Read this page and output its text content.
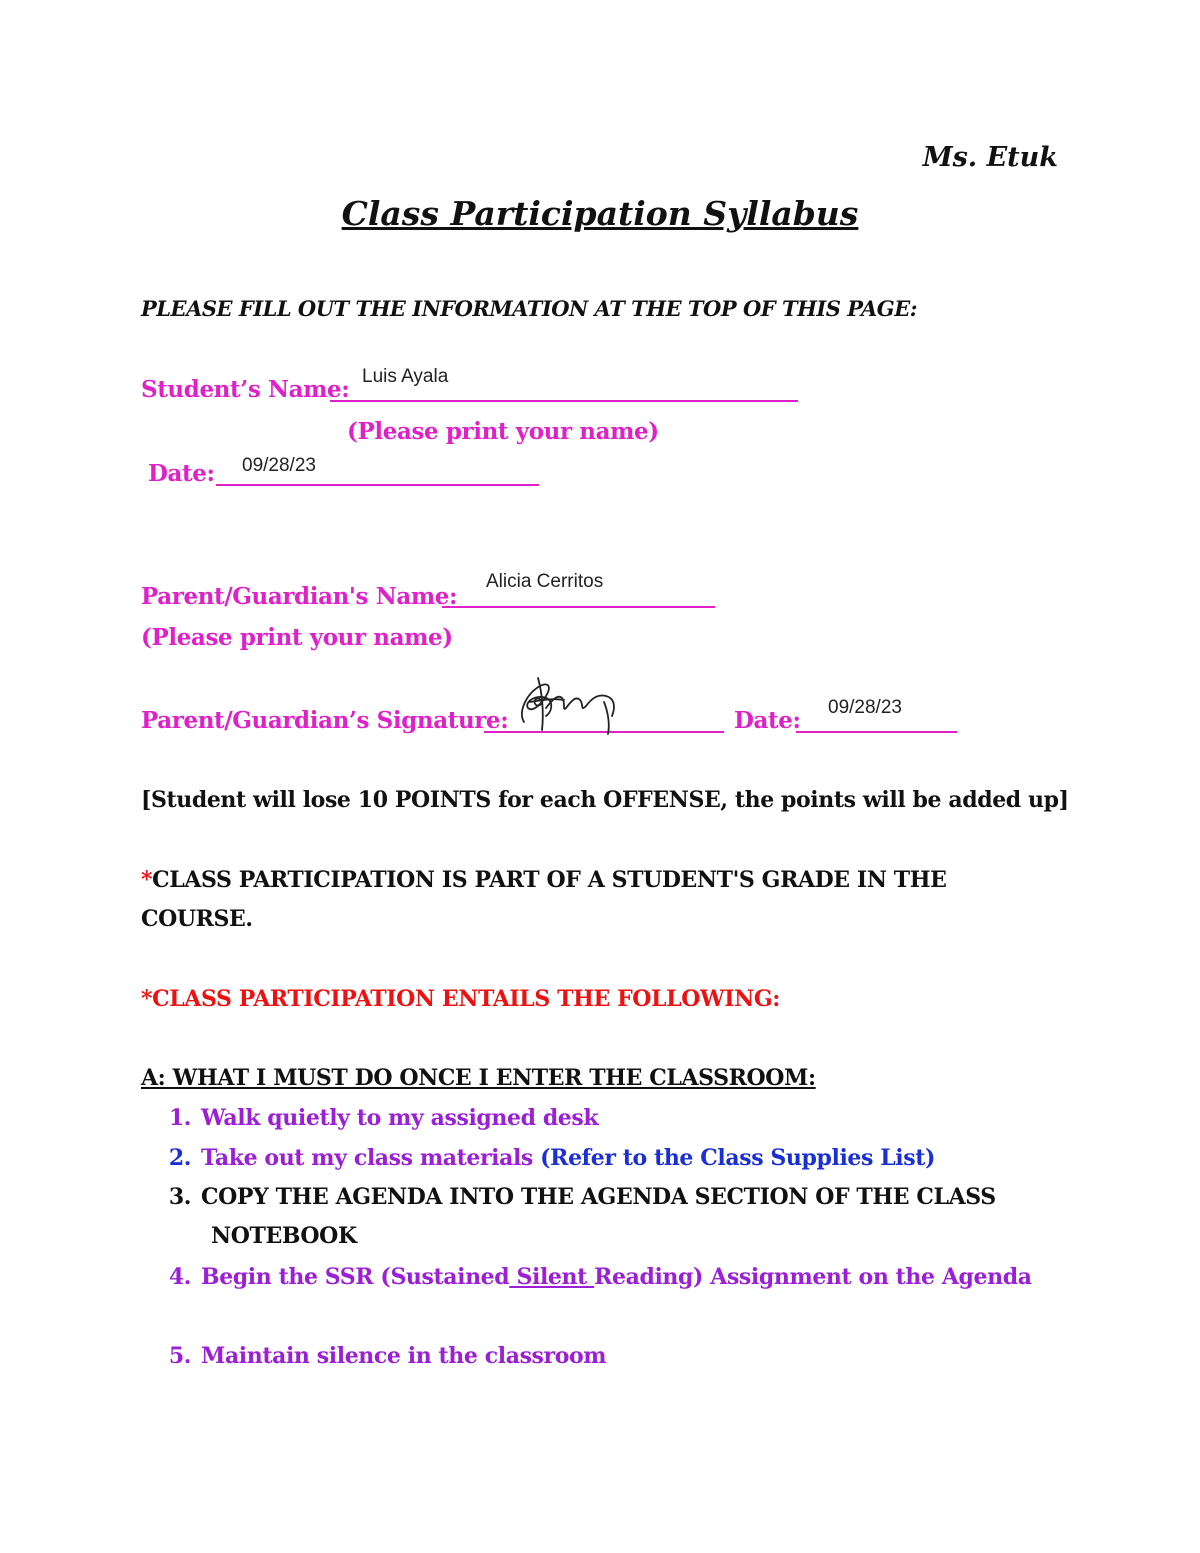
Ms. Etuk
Class Participation Syllabus
PLEASE FILL OUT THE INFORMATION AT THE TOP OF THIS PAGE:
Student’s Name: Luis Ayala
(Please print your name)
Date: 09/28/23
Parent/Guardian's Name:
Alicia Cerritos
(Please print your name)
Parent/Guardian’s Signature:	Date: 09/28/23
[Student will lose 10 POINTS for each OFFENSE, the points will be added up]
*CLASS PARTICIPATION IS PART OF A STUDENT'S GRADE IN THE
COURSE.
*CLASS PARTICIPATION ENTAILS THE FOLLOWING:
A: WHAT I MUST DO ONCE I ENTER THE CLASSROOM:
1. Walk quietly to my assigned desk
2. Take out my class materials (Refer to the Class Supplies List)
3. COPY THE AGENDA INTO THE AGENDA SECTION OF THE CLASS
NOTEBOOK
4. Begin the SSR (Sustained Silent Reading) Assignment on the Agenda
5. Maintain silence in the classroom
